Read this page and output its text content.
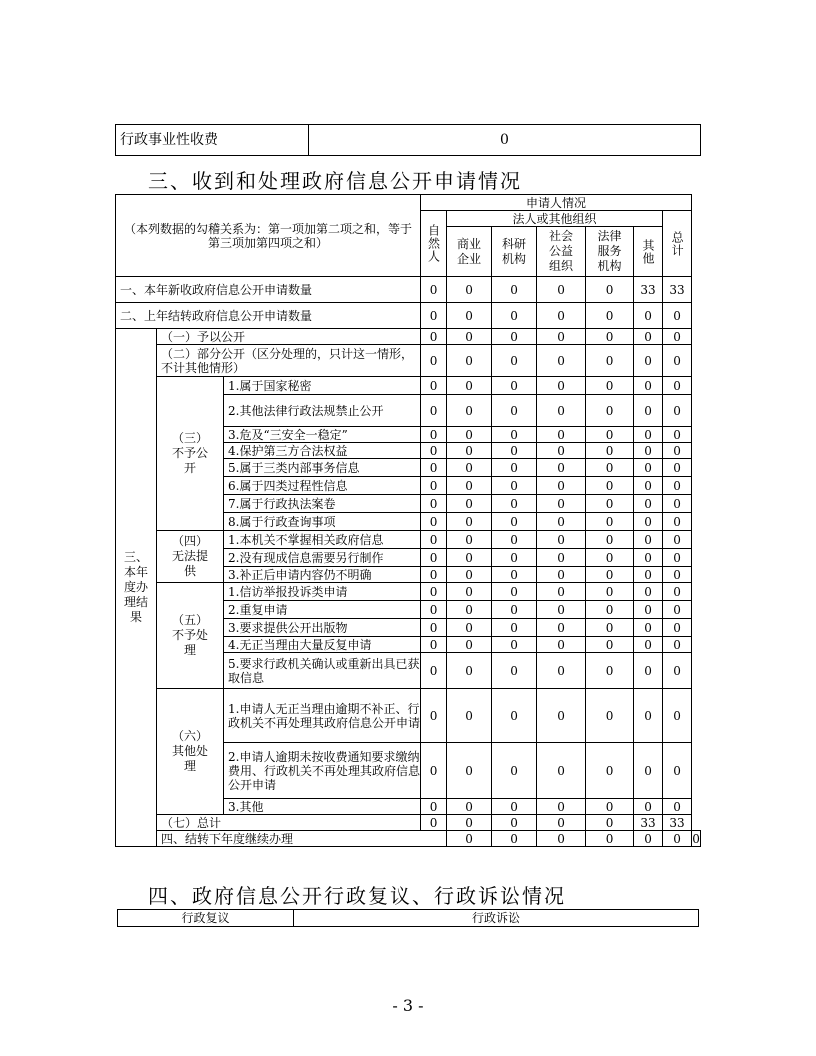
行政事业性收费	0
三、收到和处理政府信息公开申请情况
（本列数据的勾稽关系为：第一项加第二项之和，等于第三项加第四项之和）			申请人情况							

			自然人	法人或其他组织					总计	

				商业企业	科研机构	社会公益组织	法律服务机构	其他		

一、本年新收政府信息公开申请数量			0	0	0	0	0	33	33	
二、上年结转政府信息公开申请数量			0	0	0	0	0	0	0	
三、本年度办理结果	（一）予以公开		0	0	0	0	0	0	0	
	（二）部分公开（区分处理的，只计这一情形，不计其他情形）		0	0	0	0	0	0	0	
	（三）不予公开	1.属于国家秘密	0	0	0	0	0	0	0	
		2.其他法律行政法规禁止公开	0	0	0	0	0	0	0	
		3.危及“三安全一稳定”	0	0	0	0	0	0	0	
		4.保护第三方合法权益	0	0	0	0	0	0	0	
		5.属于三类内部事务信息	0	0	0	0	0	0	0	
		6.属于四类过程性信息	0	0	0	0	0	0	0	
		7.属于行政执法案卷	0	0	0	0	0	0	0	
		8.属于行政查询事项	0	0	0	0	0	0	0	
	（四）无法提供	1.本机关不掌握相关政府信息	0	0	0	0	0	0	0	
		2.没有现成信息需要另行制作	0	0	0	0	0	0	0	
		3.补正后申请内容仍不明确	0	0	0	0	0	0	0	
	（五）不予处理	1.信访举报投诉类申请	0	0	0	0	0	0	0	
		2.重复申请	0	0	0	0	0	0	0	
		3.要求提供公开出版物	0	0	0	0	0	0	0	
		4.无正当理由大量反复申请	0	0	0	0	0	0	0	
		5.要求行政机关确认或重新出具已获取信息	0	0	0	0	0	0	0	
	（六）其他处理	1.申请人无正当理由逾期不补正、行政机关不再处理其政府信息公开申请	0	0	0	0	0	0	0	
		2.申请人逾期未按收费通知要求缴纳费用、行政机关不再处理其政府信息公开申请	0	0	0	0	0	0	0	
		3.其他	0	0	0	0	0	0	0	
	（七）总计		0	0	0	0	0	33	33	
	四、结转下年度继续办理			0	0	0	0	0	0	0
四、政府信息公开行政复议、行政诉讼情况
行政复议	行政诉讼
- 3 -
